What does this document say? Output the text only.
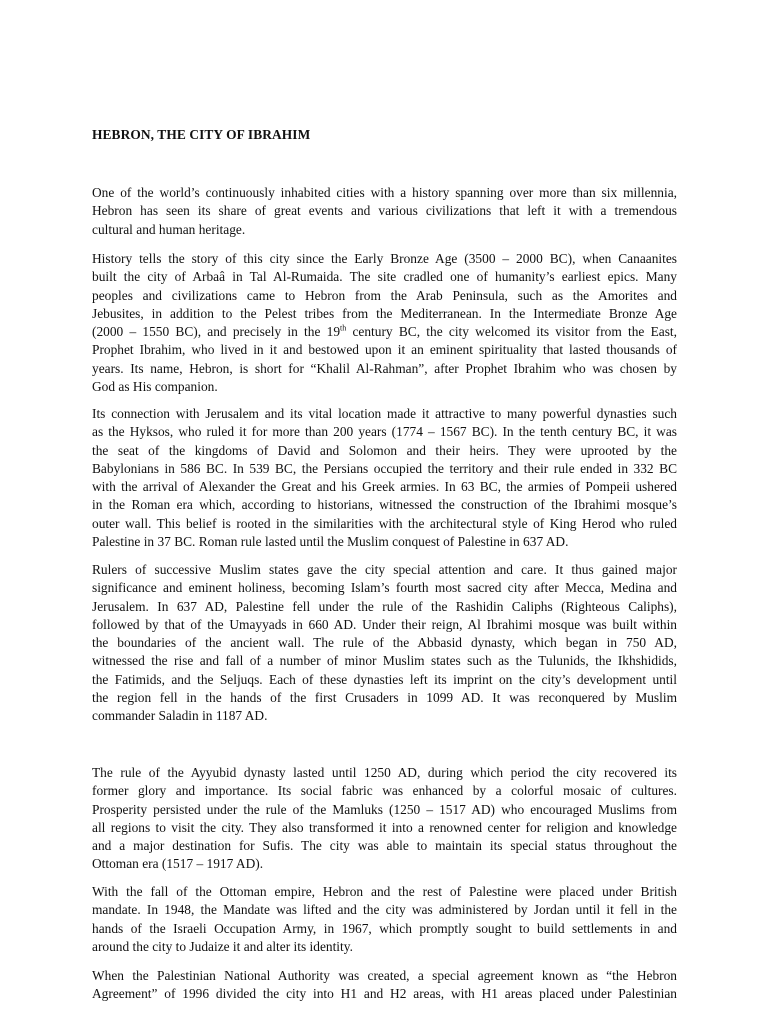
HEBRON, THE CITY OF IBRAHIM

One of the world’s continuously inhabited cities with a history spanning over more than six millennia,
Hebron has seen its share of great events and various civilizations that left it with a tremendous
cultural and human heritage.

History tells the story of this city since the Early Bronze Age (3500 – 2000 BC), when Canaanites
built the city of Arbaâ in Tal Al-Rumaida. The site cradled one of humanity’s earliest epics. Many
peoples and civilizations came to Hebron from the Arab Peninsula, such as the Amorites and
Jebusites, in addition to the Pelest tribes from the Mediterranean. In the Intermediate Bronze Age
(2000 – 1550 BC), and precisely in the 19th century BC, the city welcomed its visitor from the East,
Prophet Ibrahim, who lived in it and bestowed upon it an eminent spirituality that lasted thousands of
years. Its name, Hebron, is short for “Khalil Al-Rahman”, after Prophet Ibrahim who was chosen by
God as His companion.

Its connection with Jerusalem and its vital location made it attractive to many powerful dynasties such
as the Hyksos, who ruled it for more than 200 years (1774 – 1567 BC). In the tenth century BC, it was
the seat of the kingdoms of David and Solomon and their heirs. They were uprooted by the
Babylonians in 586 BC. In 539 BC, the Persians occupied the territory and their rule ended in 332 BC
with the arrival of Alexander the Great and his Greek armies. In 63 BC, the armies of Pompeii ushered
in the Roman era which, according to historians, witnessed the construction of the Ibrahimi mosque’s
outer wall. This belief is rooted in the similarities with the architectural style of King Herod who ruled
Palestine in 37 BC. Roman rule lasted until the Muslim conquest of Palestine in 637 AD.

Rulers of successive Muslim states gave the city special attention and care. It thus gained major
significance and eminent holiness, becoming Islam’s fourth most sacred city after Mecca, Medina and
Jerusalem. In 637 AD, Palestine fell under the rule of the Rashidin Caliphs (Righteous Caliphs),
followed by that of the Umayyads in 660 AD. Under their reign, Al Ibrahimi mosque was built within
the boundaries of the ancient wall. The rule of the Abbasid dynasty, which began in 750 AD,
witnessed the rise and fall of a number of minor Muslim states such as the Tulunids, the Ikhshidids,
the Fatimids, and the Seljuqs. Each of these dynasties left its imprint on the city’s development until
the region fell in the hands of the first Crusaders in 1099 AD. It was reconquered by Muslim
commander Saladin in 1187 AD.

The rule of the Ayyubid dynasty lasted until 1250 AD, during which period the city recovered its
former glory and importance. Its social fabric was enhanced by a colorful mosaic of cultures.
Prosperity persisted under the rule of the Mamluks (1250 – 1517 AD) who encouraged Muslims from
all regions to visit the city. They also transformed it into a renowned center for religion and knowledge
and a major destination for Sufis. The city was able to maintain its special status throughout the
Ottoman era (1517 – 1917 AD).

With the fall of the Ottoman empire, Hebron and the rest of Palestine were placed under British
mandate. In 1948, the Mandate was lifted and the city was administered by Jordan until it fell in the
hands of the Israeli Occupation Army, in 1967, which promptly sought to build settlements in and
around the city to Judaize it and alter its identity.

When the Palestinian National Authority was created, a special agreement known as “the Hebron
Agreement” of 1996 divided the city into H1 and H2 areas, with H1 areas placed under Palestinian
